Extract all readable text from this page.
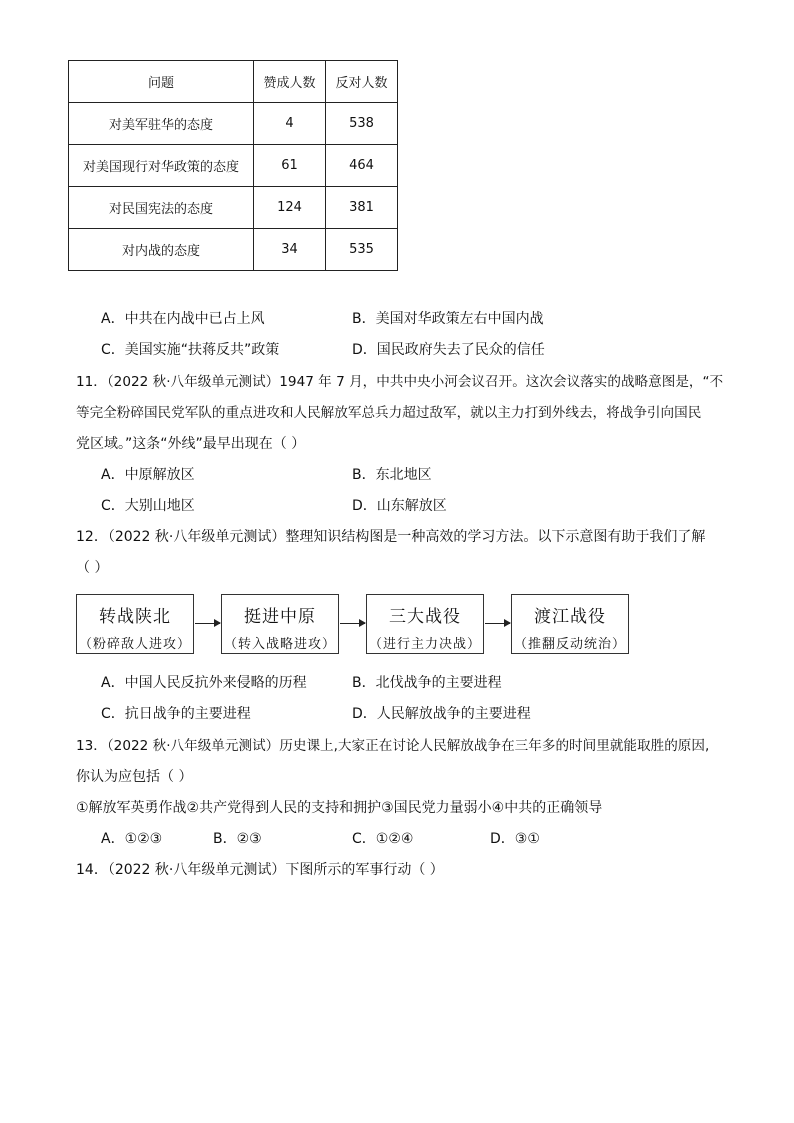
问题	赞成人数	反对人数
对美军驻华的态度	4	538
对美国现行对华政策的态度	61	464
对民国宪法的态度	124	381
对内战的态度	34	535
A．中共在内战中已占上风	B．美国对华政策左右中国内战
C．美国实施“扶蒋反共”政策	D．国民政府失去了民众的信任
11．（2022 秋·八年级单元测试）1947 年 7 月，中共中央小河会议召开。这次会议落实的战略意图是，“不
等完全粉碎国民党军队的重点进攻和人民解放军总兵力超过敌军，就以主力打到外线去，将战争引向国民
党区域。”这条“外线”最早出现在（ ）
A．中原解放区	B．东北地区
C．大别山地区	D．山东解放区
12．（2022 秋·八年级单元测试）整理知识结构图是一种高效的学习方法。以下示意图有助于我们了解
（ ）
转战陕北
（粉碎敌人进攻）
挺进中原
（转入战略进攻）
三大战役
（进行主力决战）
渡江战役
（推翻反动统治）
A．中国人民反抗外来侵略的历程	B．北伐战争的主要进程
C．抗日战争的主要进程	D．人民解放战争的主要进程
13．（2022 秋·八年级单元测试）历史课上,大家正在讨论人民解放战争在三年多的时间里就能取胜的原因,
你认为应包括（ ）
①解放军英勇作战②共产党得到人民的支持和拥护③国民党力量弱小④中共的正确领导
A．①②③	B．②③	C．①②④	D．③①
14．（2022 秋·八年级单元测试）下图所示的军事行动（ ）
